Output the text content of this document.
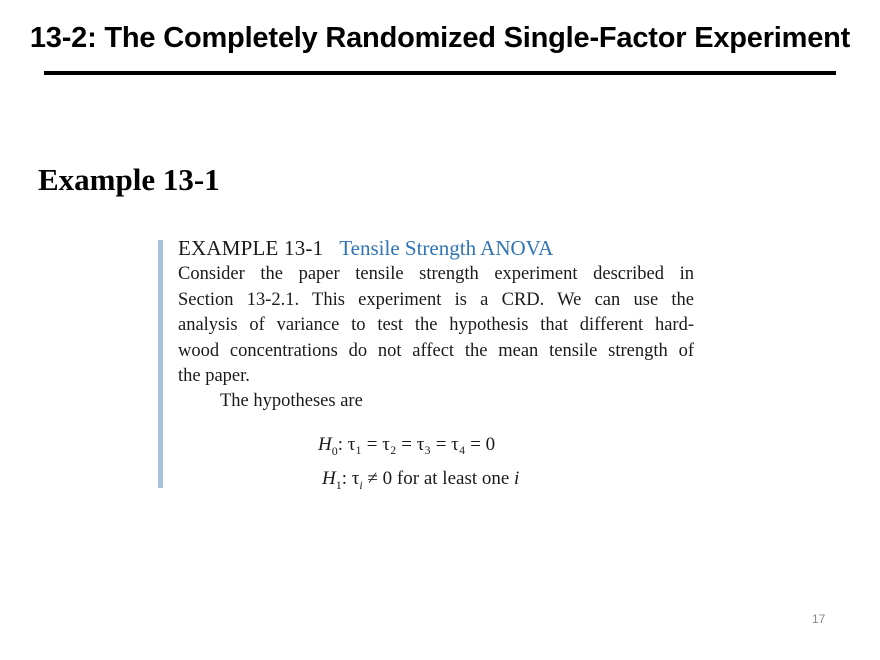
13-2: The Completely Randomized Single-Factor Experiment
Example 13-1
EXAMPLE 13-1 Tensile Strength ANOVA
Consider the paper tensile strength experiment described in
Section 13-2.1. This experiment is a CRD. We can use the
analysis of variance to test the hypothesis that different hard-
wood concentrations do not affect the mean tensile strength of
the paper.
The hypotheses are
$H_0$: τ₁ = τ₂ = τ₃ = τ₄ = 0
$H_1$: $\tau_i \ne 0$ for at least one i
17
